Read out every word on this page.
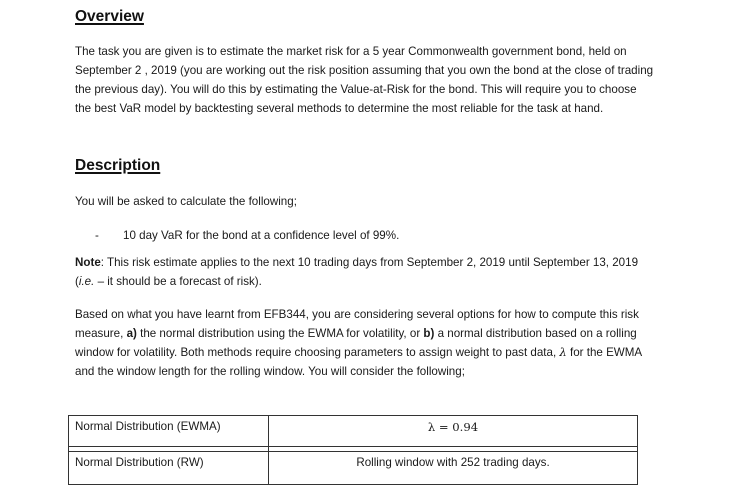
Overview

The task you are given is to estimate the market risk for a 5 year Commonwealth government bond, held on September 2 , 2019 (you are working out the risk position assuming that you own the bond at the close of trading the previous day). You will do this by estimating the Value-at-Risk for the bond. This will require you to choose the best VaR model by backtesting several methods to determine the most reliable for the task at hand.

Description

You will be asked to calculate the following;

- 10 day VaR for the bond at a confidence level of 99%.

Note: This risk estimate applies to the next 10 trading days from September 2, 2019 until September 13, 2019 (i.e. – it should be a forecast of risk).

Based on what you have learnt from EFB344, you are considering several options for how to compute this risk measure, a) the normal distribution using the EWMA for volatility, or b) a normal distribution based on a rolling window for volatility. Both methods require choosing parameters to assign weight to past data, λ for the EWMA and the window length for the rolling window. You will consider the following;

Normal Distribution (EWMA)	λ = 0.94

Normal Distribution (RW)	Rolling window with 252 trading days.
